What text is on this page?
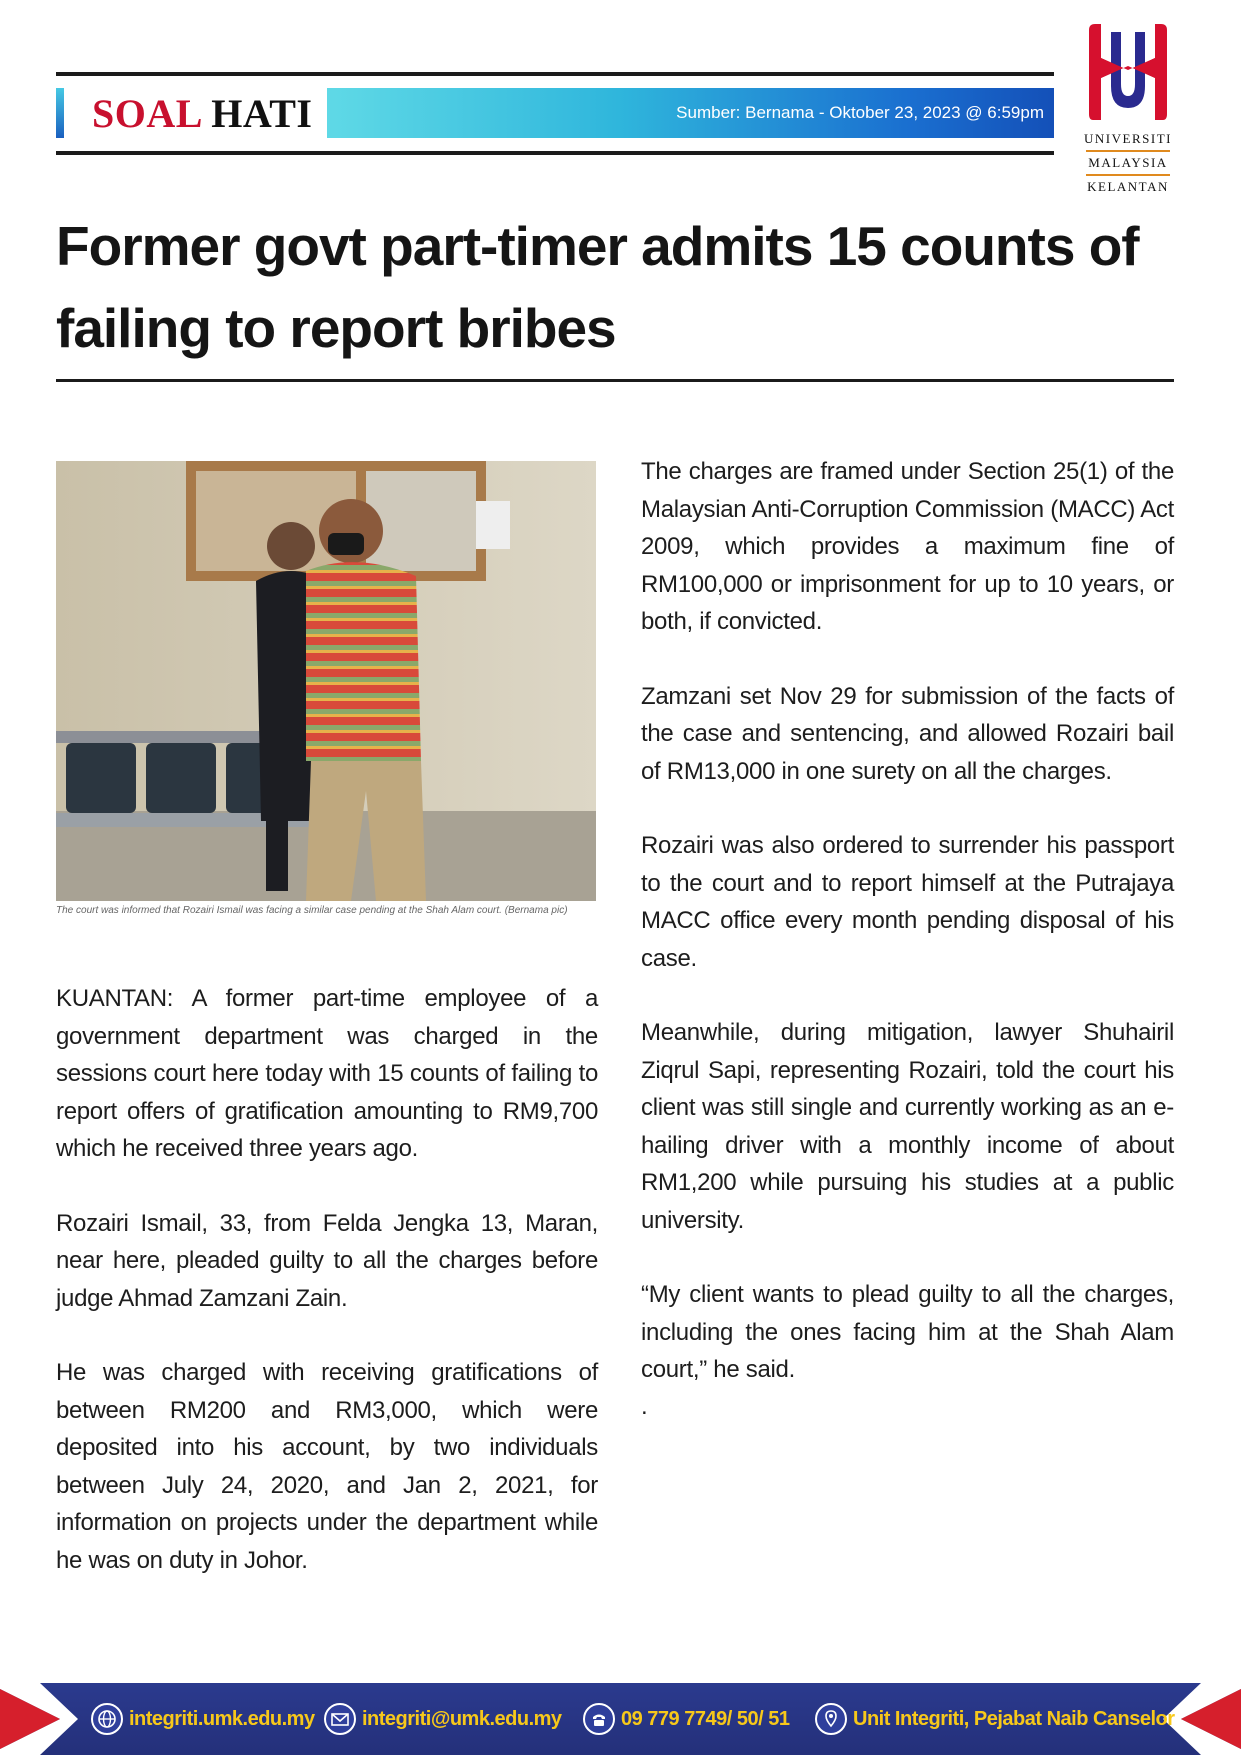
SOAL HATI	Sumber: Bernama - Oktober 23, 2023 @ 6:59pm
UNIVERSITI
MALAYSIA
KELANTAN
Former govt part-timer admits 15 counts of failing to report bribes
The court was informed that Rozairi Ismail was facing a similar case pending at the Shah Alam court. (Bernama pic)

KUANTAN: A former part-time employee of a government department was charged in the sessions court here today with 15 counts of failing to report offers of gratification amounting to RM9,700 which he received three years ago.

Rozairi Ismail, 33, from Felda Jengka 13, Maran, near here, pleaded guilty to all the charges before judge Ahmad Zamzani Zain.

He was charged with receiving gratifications of between RM200 and RM3,000, which were deposited into his account, by two individuals between July 24, 2020, and Jan 2, 2021, for information on projects under the department while he was on duty in Johor.

The charges are framed under Section 25(1) of the Malaysian Anti-Corruption Commission (MACC) Act 2009, which provides a maximum fine of RM100,000 or imprisonment for up to 10 years, or both, if convicted.

Zamzani set Nov 29 for submission of the facts of the case and sentencing, and allowed Rozairi bail of RM13,000 in one surety on all the charges.

Rozairi was also ordered to surrender his passport to the court and to report himself at the Putrajaya MACC office every month pending disposal of his case.

Meanwhile, during mitigation, lawyer Shuhairil Ziqrul Sapi, representing Rozairi, told the court his client was still single and currently working as an e-hailing driver with a monthly income of about RM1,200 while pursuing his studies at a public university.

“My client wants to plead guilty to all the charges, including the ones facing him at the Shah Alam court,” he said.

.
integriti.umk.edu.my integriti@umk.edu.my	09 779 7749/ 50/ 51	Unit Integriti, Pejabat Naib Canselor
